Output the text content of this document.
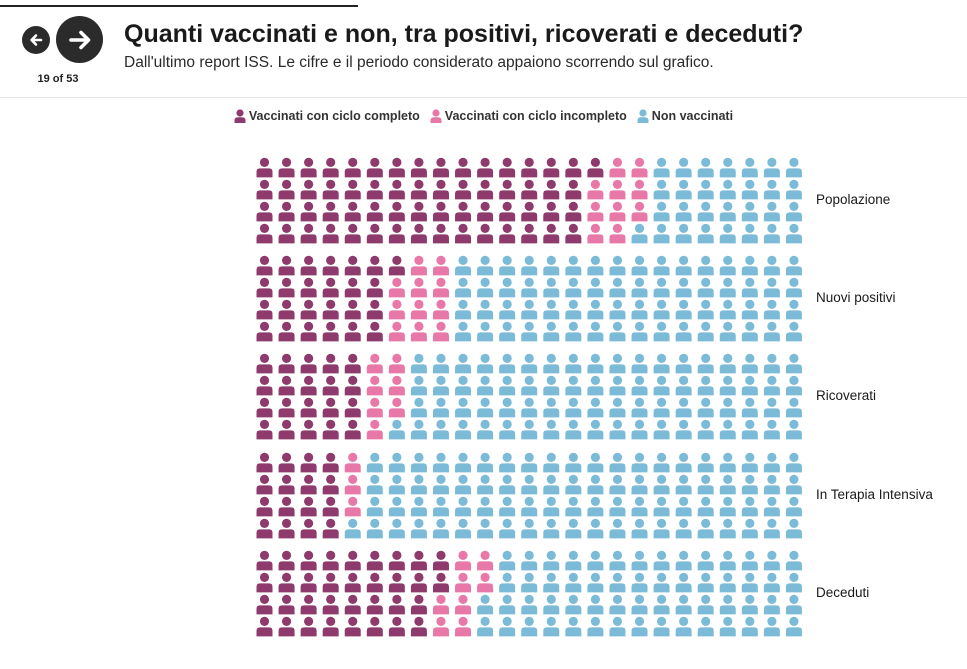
19 of 53
Quanti vaccinati e non, tra positivi, ricoverati e deceduti?

Dall'ultimo report ISS. Le cifre e il periodo considerato appaiono scorrendo sul grafico.

Vaccinati con ciclo completo Vaccinati con ciclo incompleto Non vaccinati
Popolazione
Nuovi positivi
Ricoverati
In Terapia Intensiva
Deceduti
